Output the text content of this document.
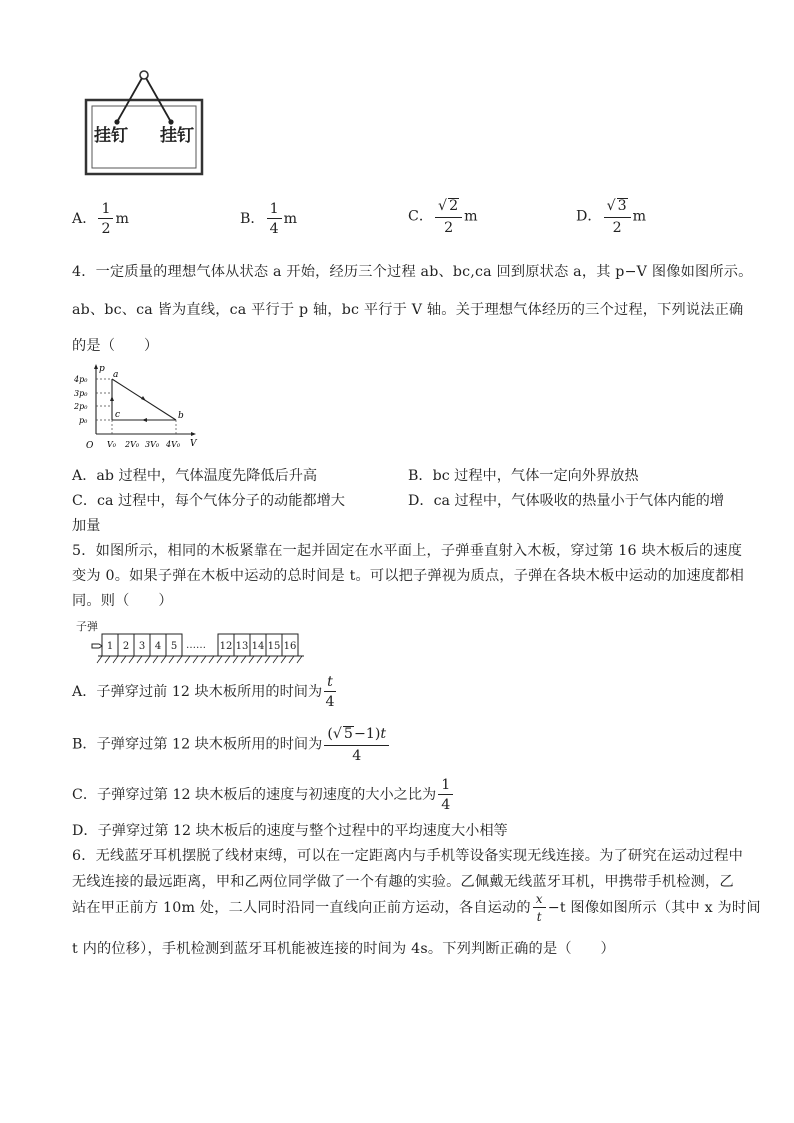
挂钉 挂钉
A． $\frac{1}{2}$ m	B． $\frac{1}{4}$ m	C． $\frac{√ 2}{2}$ m	D． $\frac{√ 3}{2}$ m
4．一定质量的理想气体从状态 a 开始，经历三个过程 ab、bc,ca 回到原状态 a，其 p−V 图像如图所示。
ab、bc、ca 皆为直线，ca 平行于 p 轴，bc 平行于 V 轴。关于理想气体经历的三个过程，下列说法正确
的是（　　）
p
V
O
4p₀
3p₀
2p₀
p₀
V₀ 2V₀ 3V₀ 4V₀
a
b
c
A．ab 过程中，气体温度先降低后升高	B．bc 过程中，气体一定向外界放热
C．ca 过程中，每个气体分子的动能都增大	D．ca 过程中，气体吸收的热量小于气体内能的增
加量
5．如图所示，相同的木板紧靠在一起并固定在水平面上，子弹垂直射入木板，穿过第 16 块木板后的速度
变为 0。如果子弹在木板中运动的总时间是 t。可以把子弹视为质点，子弹在各块木板中运动的加速度都相
同。则（　　）
子弹
1 2 3 4 5	12 13 14 15 16
……
A．子弹穿过前 12 块木板所用的时间为 $\frac{t}{4}$
B．子弹穿过第 12 块木板所用的时间为 $\frac{(√ 5-1)t}{4}$
C．子弹穿过第 12 块木板后的速度与初速度的大小之比为 $\frac{1}{4}$
D．子弹穿过第 12 块木板后的速度与整个过程中的平均速度大小相等
6．无线蓝牙耳机摆脱了线材束缚，可以在一定距离内与手机等设备实现无线连接。为了研究在运动过程中
无线连接的最远距离，甲和乙两位同学做了一个有趣的实验。乙佩戴无线蓝牙耳机，甲携带手机检测，乙
站在甲正前方 10m 处，二人同时沿同一直线向正前方运动，各自运动的 $\frac{x}{t} -t$ 图像如图所示（其中 x 为时间
t 内的位移），手机检测到蓝牙耳机能被连接的时间为 4s。下列判断正确的是（　　）
